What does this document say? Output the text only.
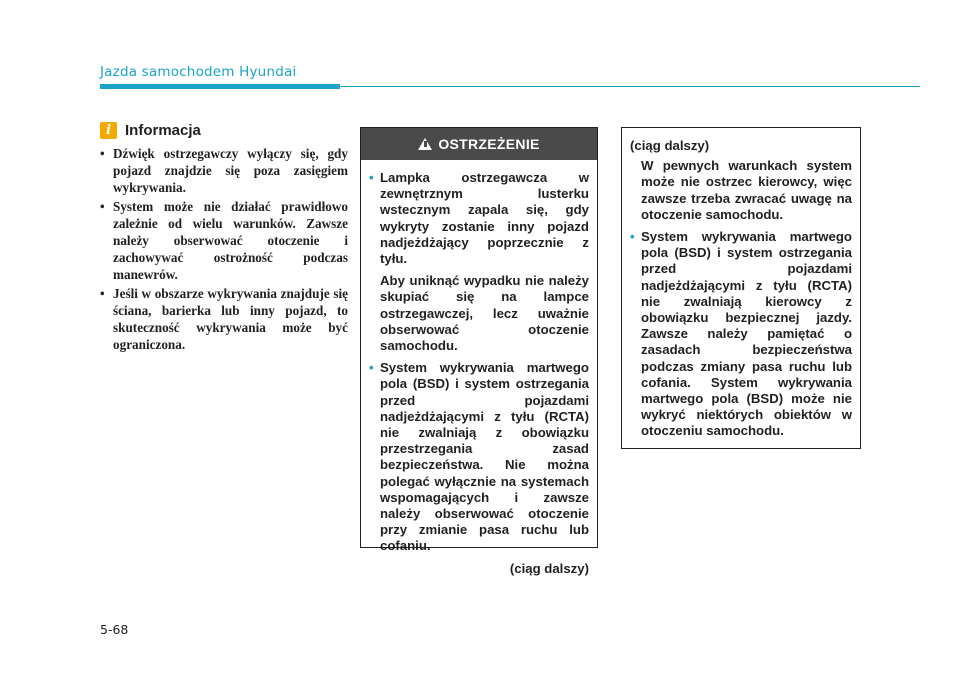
Jazda samochodem Hyundai
i Informacja
• Dźwięk ostrzegawczy wyłączy się, gdy pojazd znajdzie się poza zasięgiem wykrywania.
• System może nie działać prawidłowo zależnie od wielu warunków. Zawsze należy obserwować otoczenie i zachowywać ostrożność podczas manewrów.
• Jeśli w obszarze wykrywania znajduje się ściana, barierka lub inny pojazd, to skuteczność wykrywania może być ograniczona.
OSTRZEŻENIE
• Lampka ostrzegawcza w zewnętrznym lusterku wstecznym zapala się, gdy wykryty zostanie inny pojazd nadjeżdżający poprzecznie z tyłu.

Aby uniknąć wypadku nie należy skupiać się na lampce ostrzegawczej, lecz uważnie obserwować otoczenie samochodu.

• System wykrywania martwego pola (BSD) i system ostrzegania przed pojazdami nadjeżdżającymi z tyłu (RCTA) nie zwalniają z obowiązku przestrzegania zasad bezpieczeństwa. Nie można polegać wyłącznie na systemach wspomagających i zawsze należy obserwować otoczenie przy zmianie pasa ruchu lub cofaniu.

(ciąg dalszy)

(ciąg dalszy)

W pewnych warunkach system może nie ostrzec kierowcy, więc zawsze trzeba zwracać uwagę na otoczenie samochodu.

• System wykrywania martwego pola (BSD) i system ostrzegania przed pojazdami nadjeżdżającymi z tyłu (RCTA) nie zwalniają kierowcy z obowiązku bezpiecznej jazdy. Zawsze należy pamiętać o zasadach bezpieczeństwa podczas zmiany pasa ruchu lub cofania. System wykrywania martwego pola (BSD) może nie wykryć niektórych obiektów w otoczeniu samochodu.
5-68
